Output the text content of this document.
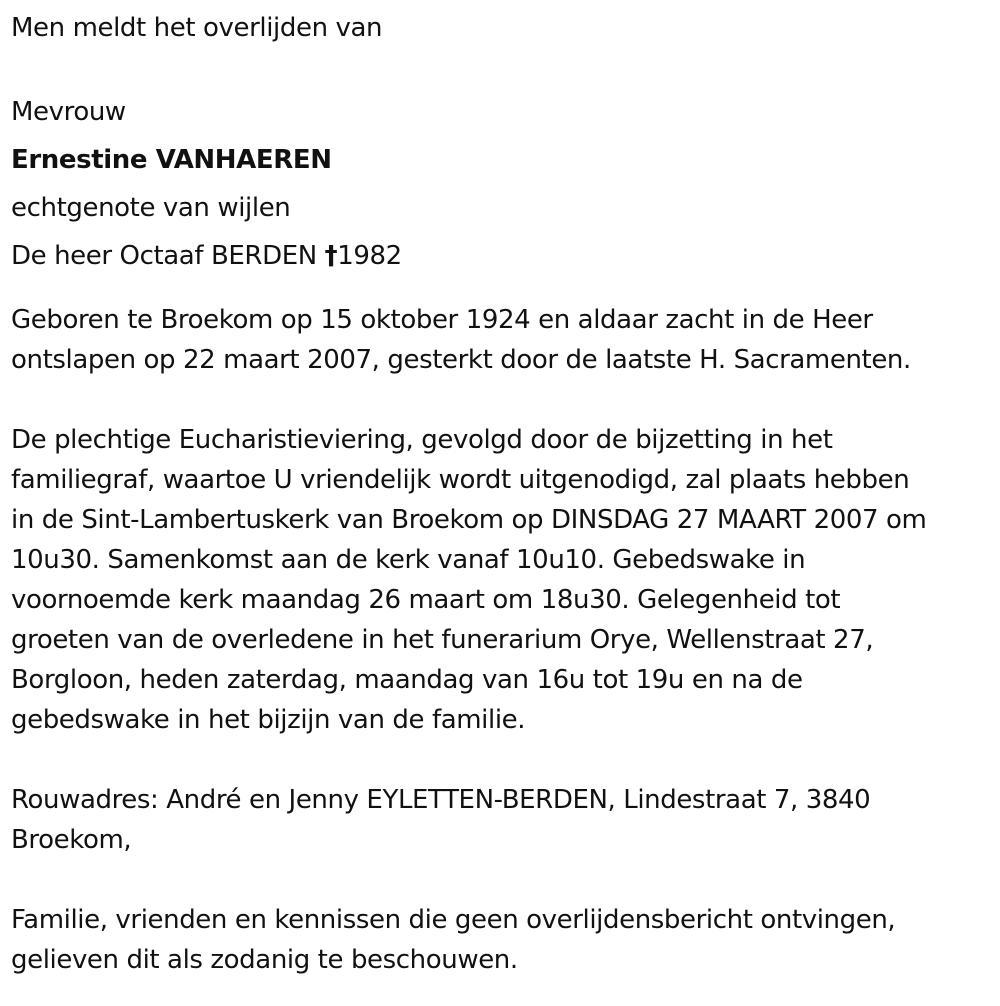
Men meldt het overlijden van
Mevrouw
Ernestine VANHAEREN
echtgenote van wijlen
De heer Octaaf BERDEN †1982
Geboren te Broekom op 15 oktober 1924 en aldaar zacht in de Heer
ontslapen op 22 maart 2007, gesterkt door de laatste H. Sacramenten.
De plechtige Eucharistieviering, gevolgd door de bijzetting in het
familiegraf, waartoe U vriendelijk wordt uitgenodigd, zal plaats hebben
in de Sint-Lambertuskerk van Broekom op DINSDAG 27 MAART 2007 om
10u30. Samenkomst aan de kerk vanaf 10u10. Gebedswake in
voornoemde kerk maandag 26 maart om 18u30. Gelegenheid tot
groeten van de overledene in het funerarium Orye, Wellenstraat 27,
Borgloon, heden zaterdag, maandag van 16u tot 19u en na de
gebedswake in het bijzijn van de familie.
Rouwadres: André en Jenny EYLETTEN-BERDEN, Lindestraat 7, 3840
Broekom,
Familie, vrienden en kennissen die geen overlijdensbericht ontvingen,
gelieven dit als zodanig te beschouwen.
